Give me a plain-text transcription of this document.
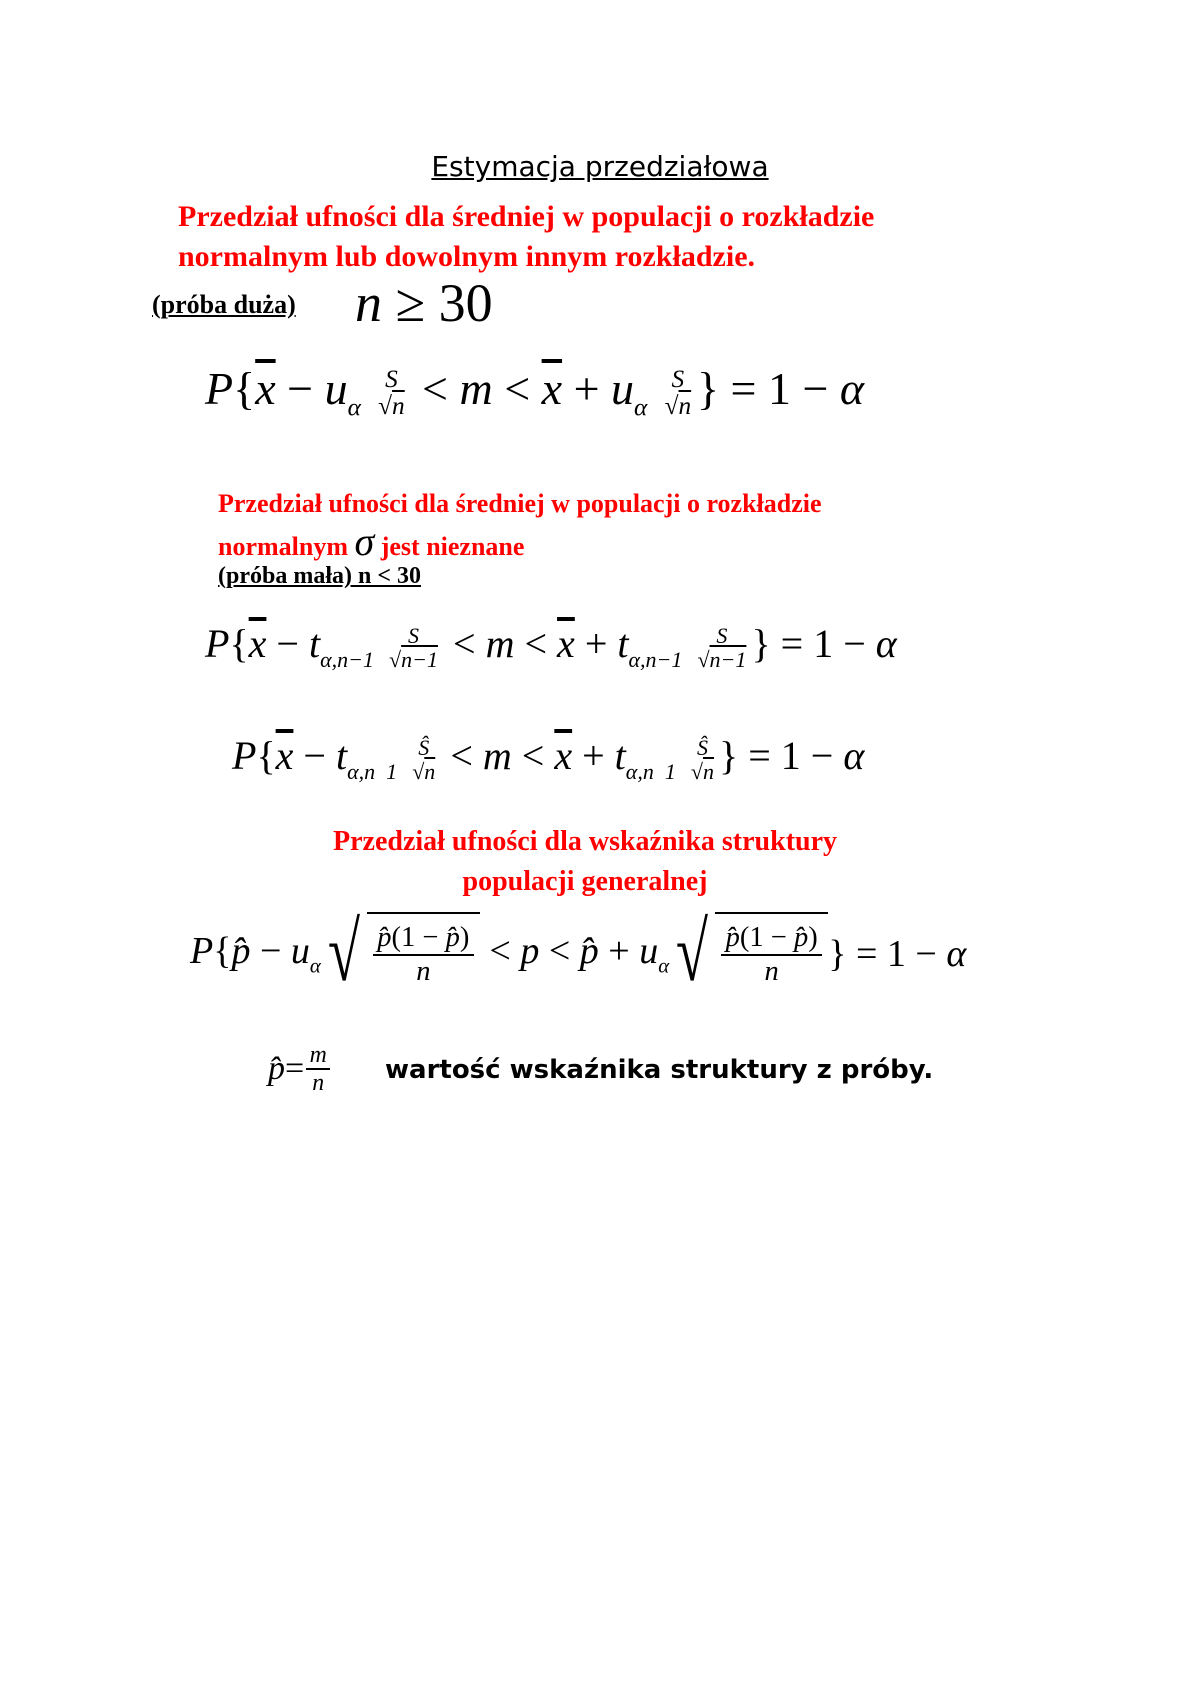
Estymacja przedziałowa
Przedział ufności dla średniej w populacji o rozkładzie
normalnym lub dowolnym innym rozkładzie.
(próba duża) n ≥ 30
$P\{\overline{x} - u_\alpha$
S
$√n < m < \overline{x} + u_\alpha$
S
√n } = 1 − α
Przedział ufności dla średniej w populacji o rozkładzie
normalnym σ jest nieznane
(próba mała) n < 30
$P\{\overline{x} - t_{\alpha,n-1}$
S
$√n-1 < m < \overline{x} + t_{\alpha,n-1}$
S
√n−1 } = 1 − α
$P\{\overline{x} - t_{\alpha,n 1}$
Ŝ
$√n < m < \overline{x} + t_{\alpha,n 1}$
Ŝ
√n } = 1 − α
Przedział ufności dla wskaźnika struktury
populacji generalnej
P{p̂ − $u_\alpha$ √ $\frac{p̂(1 - p̂)}{n} < p$ < p̂ + $u_\alpha$ √ $\frac{p̂(1 - p̂)}{n}$ } = 1 − α
p̂ = $\frac{m}{n}$ wartość wskaźnika struktury z próby.
